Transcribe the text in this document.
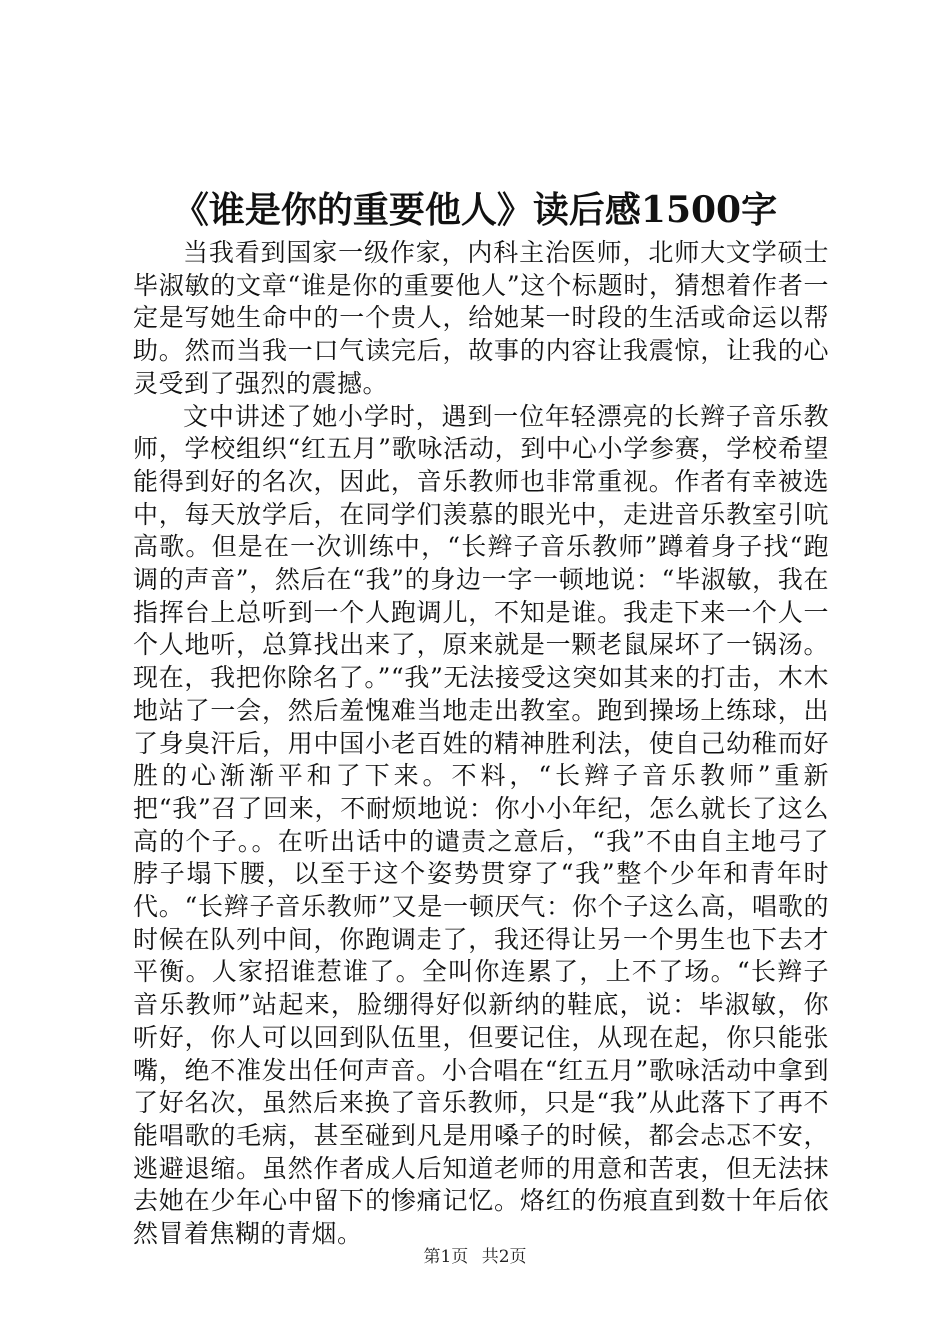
《谁是你的重要他人》读后感1500字

当我看到国家一级作家，内科主治医师，北师大文学硕士毕淑敏的文章“谁是你的重要他人”这个标题时，猜想着作者一定是写她生命中的一个贵人，给她某一时段的生活或命运以帮助。然而当我一口气读完后，故事的内容让我震惊，让我的心灵受到了强烈的震撼。

文中讲述了她小学时，遇到一位年轻漂亮的长辫子音乐教师，学校组织“红五月”歌咏活动，到中心小学参赛，学校希望能得到好的名次，因此，音乐教师也非常重视。作者有幸被选中，每天放学后，在同学们羡慕的眼光中，走进音乐教室引吭高歌。但是在一次训练中，“长辫子音乐教师”蹲着身子找“跑调的声音”，然后在“我”的身边一字一顿地说：“毕淑敏，我在指挥台上总听到一个人跑调儿，不知是谁。我走下来一个人一个人地听，总算找出来了，原来就是一颗老鼠屎坏了一锅汤。现在，我把你除名了。”“我”无法接受这突如其来的打击，木木地站了一会，然后羞愧难当地走出教室。跑到操场上练球，出了身臭汗后，用中国小老百姓的精神胜利法，使自己幼稚而好胜的心渐渐平和了下来。不料，“长辫子音乐教师”重新把“我”召了回来，不耐烦地说：你小小年纪，怎么就长了这么高的个子。。在听出话中的谴责之意后，“我”不由自主地弓了脖子塌下腰，以至于这个姿势贯穿了“我”整个少年和青年时代。“长辫子音乐教师”又是一顿厌气：你个子这么高，唱歌的时候在队列中间，你跑调走了，我还得让另一个男生也下去才平衡。人家招谁惹谁了。全叫你连累了，上不了场。“长辫子音乐教师”站起来，脸绷得好似新纳的鞋底，说：毕淑敏，你听好，你人可以回到队伍里，但要记住，从现在起，你只能张嘴，绝不准发出任何声音。小合唱在“红五月”歌咏活动中拿到了好名次，虽然后来换了音乐教师，只是“我”从此落下了再不能唱歌的毛病，甚至碰到凡是用嗓子的时候，都会忐忑不安，逃避退缩。虽然作者成人后知道老师的用意和苦衷，但无法抹去她在少年心中留下的惨痛记忆。烙红的伤痕直到数十年后依然冒着焦糊的青烟。

第1页 共2页
